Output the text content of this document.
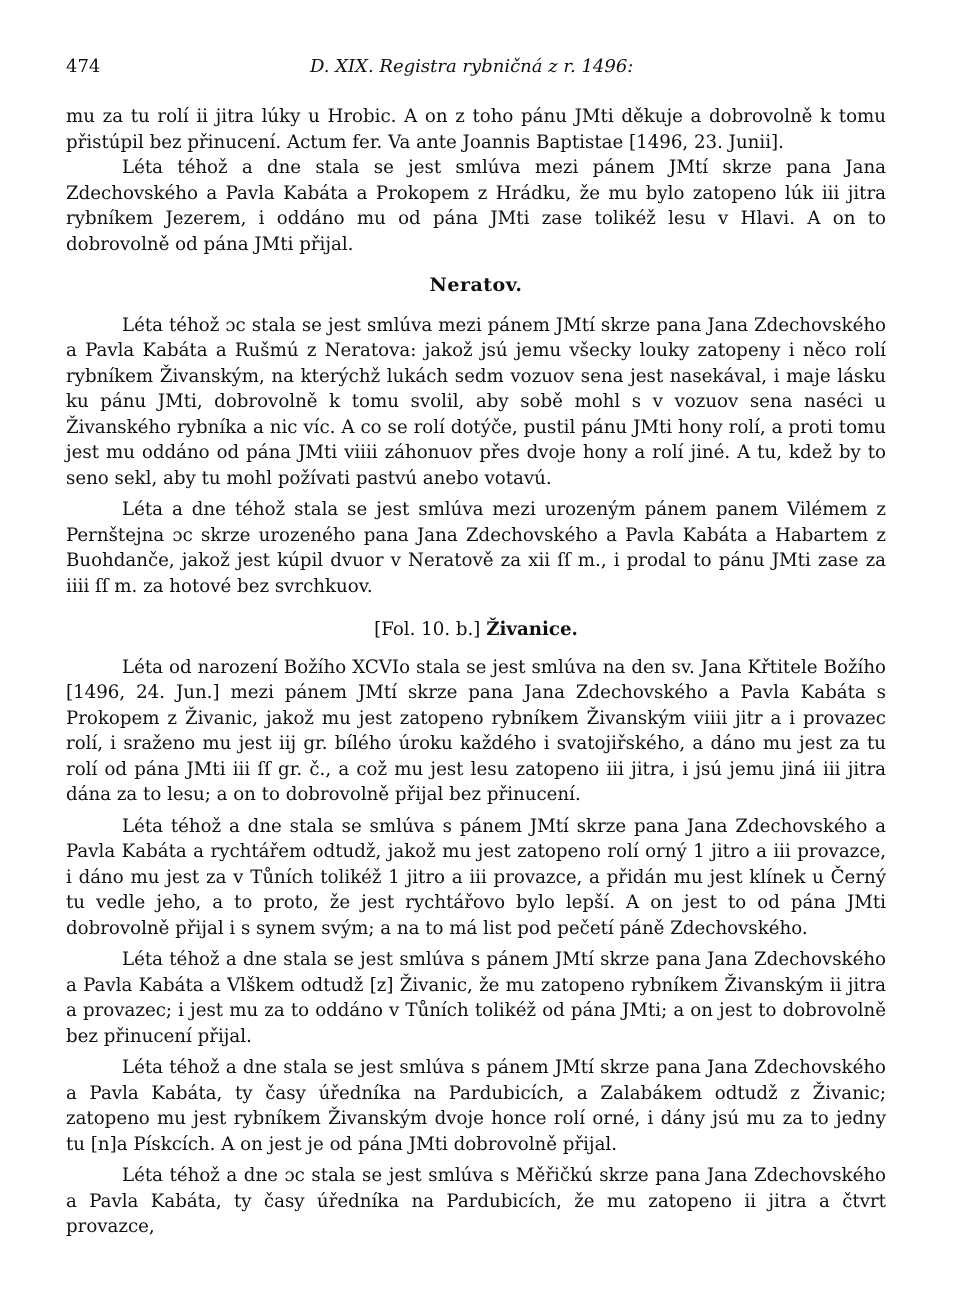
474	D. XIX. Registra rybničná z r. 1496:

mu za tu rolí ii jitra lúky u Hrobic. A on z toho pánu JMti děkuje a dobrovolně k tomu přistúpil bez přinucení. Actum fer. Va ante Joannis Baptistae [1496, 23. Junii].

Léta téhož a dne stala se jest smlúva mezi pánem JMtí skrze pana Jana Zdechovského a Pavla Kabáta a Prokopem z Hrádku, že mu bylo zatopeno lúk iii jitra rybníkem Jezerem, i oddáno mu od pána JMti zase tolikéž lesu v Hlavi. A on to dobrovolně od pána JMti přijal.

Neratov.

Léta téhož ɔc stala se jest smlúva mezi pánem JMtí skrze pana Jana Zdechovského a Pavla Kabáta a Rušmú z Neratova: jakož jsú jemu všecky louky zatopeny i něco rolí rybníkem Živanským, na kterýchž lukách sedm vozuov sena jest nasekával, i maje lásku ku pánu JMti, dobrovolně k tomu svolil, aby sobě mohl s v vozuov sena naséci u Živanského rybníka a nic víc. A co se rolí dotýče, pustil pánu JMti hony rolí, a proti tomu jest mu oddáno od pána JMti viiii záhonuov přes dvoje hony a rolí jiné. A tu, kdež by to seno sekl, aby tu mohl požívati pastvú anebo votavú.

Léta a dne téhož stala se jest smlúva mezi urozeným pánem panem Vilémem z Pernštejna ɔc skrze urozeného pana Jana Zdechovského a Pavla Kabáta a Habartem z Buohdanče, jakož jest kúpil dvuor v Neratově za xii ſſ m., i prodal to pánu JMti zase za iiii ſſ m. za hotové bez svrchkuov.

[Fol. 10. b.] Živanice.

Léta od narození Božího XCVIo stala se jest smlúva na den sv. Jana Křtitele Božího [1496, 24. Jun.] mezi pánem JMtí skrze pana Jana Zdechovského a Pavla Kabáta s Prokopem z Živanic, jakož mu jest zatopeno rybníkem Živanským viiii jitr a i provazec rolí, i sraženo mu jest iij gr. bílého úroku každého i svatojiřského, a dáno mu jest za tu rolí od pána JMti iii ſſ gr. č., a což mu jest lesu zatopeno iii jitra, i jsú jemu jiná iii jitra dána za to lesu; a on to dobrovolně přijal bez přinucení.

Léta téhož a dne stala se smlúva s pánem JMtí skrze pana Jana Zdechovského a Pavla Kabáta a rychtářem odtudž, jakož mu jest zatopeno rolí orný 1 jitro a iii provazce, i dáno mu jest za v Tůních tolikéž 1 jitro a iii provazce, a přidán mu jest klínek u Černý tu vedle jeho, a to proto, že jest rychtářovo bylo lepší. A on jest to od pána JMti dobrovolně přijal i s synem svým; a na to má list pod pečetí páně Zdechovského.

Léta téhož a dne stala se jest smlúva s pánem JMtí skrze pana Jana Zdechovského a Pavla Kabáta a Vlškem odtudž [z] Živanic, že mu zatopeno rybníkem Živanským ii jitra a provazec; i jest mu za to oddáno v Tůních tolikéž od pána JMti; a on jest to dobrovolně bez přinucení přijal.

Léta téhož a dne stala se jest smlúva s pánem JMtí skrze pana Jana Zdechovského a Pavla Kabáta, ty časy úředníka na Pardubicích, a Zalabákem odtudž z Živanic; zatopeno mu jest rybníkem Živanským dvoje honce rolí orné, i dány jsú mu za to jedny tu [n]a Pískcích. A on jest je od pána JMti dobrovolně přijal.

Léta téhož a dne ɔc stala se jest smlúva s Měřičkú skrze pana Jana Zdechovského a Pavla Kabáta, ty časy úředníka na Pardubicích, že mu zatopeno ii jitra a čtvrt provazce,
